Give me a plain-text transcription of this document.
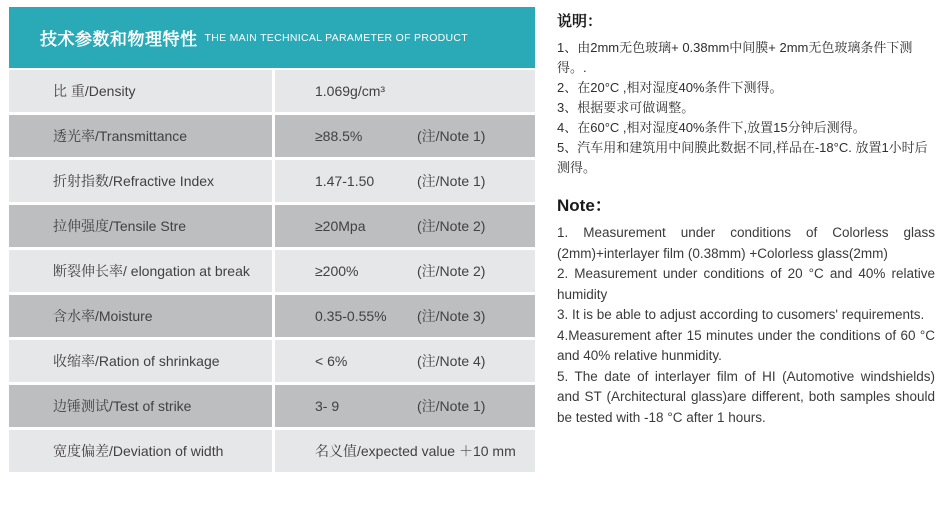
技术参数和物理特性 THE MAIN TECHNICAL PARAMETER OF PRODUCT
比 重/Density	1.069g/cm³
透光率/Transmittance	≥88.5%	(注/Note 1)
折射指数/Refractive Index	1.47-1.50	(注/Note 1)
拉伸强度/Tensile Stre	≥20Mpa	(注/Note 2)
断裂伸长率/ elongation at break	≥200%	(注/Note 2)
含水率/Moisture	0.35-0.55%	(注/Note 3)
收缩率/Ration of shrinkage	< 6%	(注/Note 4)
边锤测试/Test of strike	3- 9	(注/Note 1)
宽度偏差/Deviation of width	名义值/expected value ＋10 mm
说明：
1、由2mm无色玻璃+ 0.38mm中间膜+ 2mm无色玻璃条件下测得。.
2、在20°C ,相对湿度40%条件下测得。
3、根据要求可做调整。
4、在60°C ,相对湿度40%条件下,放置15分钟后测得。
5、汽车用和建筑用中间膜此数据不同,样品在-18°C. 放置1小时后测得。
Note：
1. Measurement under conditions of Colorless glass (2mm)+interlayer film (0.38mm) +Colorless glass(2mm)
2. Measurement under conditions of 20 °C and 40% relative humidity
3. It is be able to adjust according to cusomers' requirements.
4.Measurement after 15 minutes under the conditions of 60 °C and 40% relative hunmidity.
5. The date of interlayer film of HI (Automotive windshields) and ST (Architectural glass)are different, both samples should be tested with -18 °C after 1 hours.
